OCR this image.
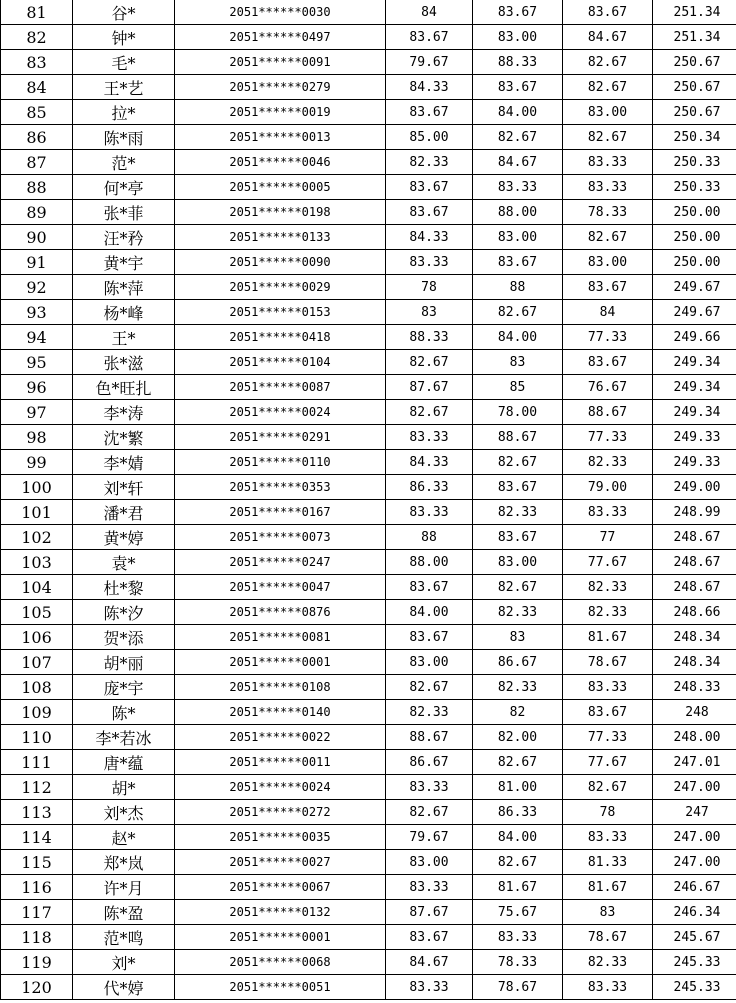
81	谷*	2051******0030	84	83.67	83.67	251.34
82	钟*	2051******0497	83.67	83.00	84.67	251.34
83	毛*	2051******0091	79.67	88.33	82.67	250.67
84	王*艺	2051******0279	84.33	83.67	82.67	250.67
85	拉*	2051******0019	83.67	84.00	83.00	250.67
86	陈*雨	2051******0013	85.00	82.67	82.67	250.34
87	范*	2051******0046	82.33	84.67	83.33	250.33
88	何*亭	2051******0005	83.67	83.33	83.33	250.33
89	张*菲	2051******0198	83.67	88.00	78.33	250.00
90	汪*矜	2051******0133	84.33	83.00	82.67	250.00
91	黄*宇	2051******0090	83.33	83.67	83.00	250.00
92	陈*萍	2051******0029	78	88	83.67	249.67
93	杨*峰	2051******0153	83	82.67	84	249.67
94	王*	2051******0418	88.33	84.00	77.33	249.66
95	张*滋	2051******0104	82.67	83	83.67	249.34
96	色*旺扎	2051******0087	87.67	85	76.67	249.34
97	李*涛	2051******0024	82.67	78.00	88.67	249.34
98	沈*繁	2051******0291	83.33	88.67	77.33	249.33
99	李*婧	2051******0110	84.33	82.67	82.33	249.33
100	刘*轩	2051******0353	86.33	83.67	79.00	249.00
101	潘*君	2051******0167	83.33	82.33	83.33	248.99
102	黄*婷	2051******0073	88	83.67	77	248.67
103	袁*	2051******0247	88.00	83.00	77.67	248.67
104	杜*黎	2051******0047	83.67	82.67	82.33	248.67
105	陈*汐	2051******0876	84.00	82.33	82.33	248.66
106	贺*添	2051******0081	83.67	83	81.67	248.34
107	胡*丽	2051******0001	83.00	86.67	78.67	248.34
108	庞*宇	2051******0108	82.67	82.33	83.33	248.33
109	陈*	2051******0140	82.33	82	83.67	248
110	李*若冰	2051******0022	88.67	82.00	77.33	248.00
111	唐*蕴	2051******0011	86.67	82.67	77.67	247.01
112	胡*	2051******0024	83.33	81.00	82.67	247.00
113	刘*杰	2051******0272	82.67	86.33	78	247
114	赵*	2051******0035	79.67	84.00	83.33	247.00
115	郑*岚	2051******0027	83.00	82.67	81.33	247.00
116	许*月	2051******0067	83.33	81.67	81.67	246.67
117	陈*盈	2051******0132	87.67	75.67	83	246.34
118	范*鸣	2051******0001	83.67	83.33	78.67	245.67
119	刘*	2051******0068	84.67	78.33	82.33	245.33
120	代*婷	2051******0051	83.33	78.67	83.33	245.33
